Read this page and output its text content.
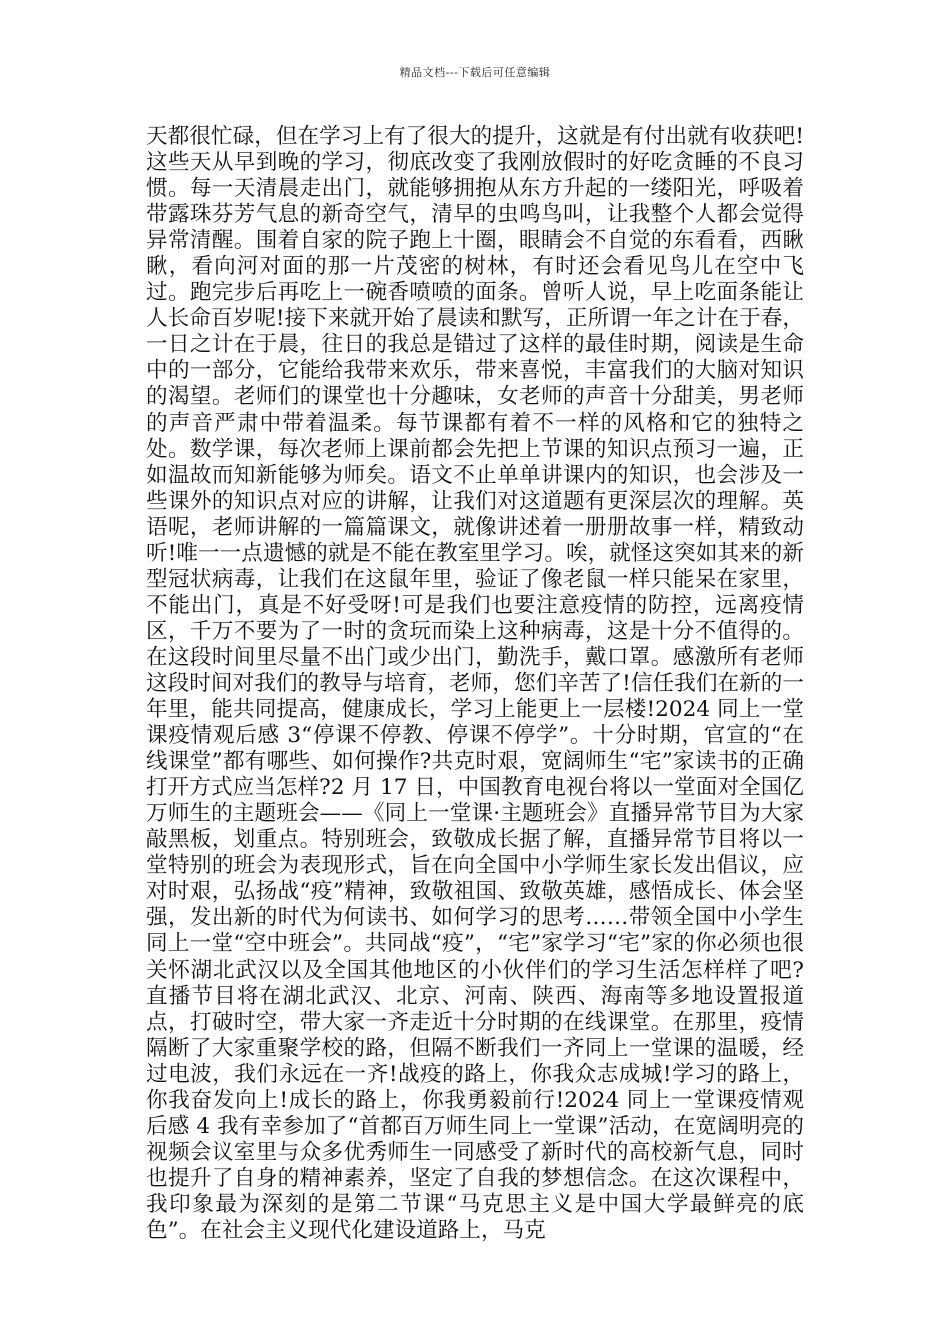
精品文档---下载后可任意编辑

天都很忙碌，但在学习上有了很大的提升，这就是有付出就有收获吧!这些天从早到晚的学习，彻底改变了我刚放假时的好吃贪睡的不良习惯。每一天清晨走出门，就能够拥抱从东方升起的一缕阳光，呼吸着带露珠芬芳气息的新奇空气，清早的虫鸣鸟叫，让我整个人都会觉得异常清醒。围着自家的院子跑上十圈，眼睛会不自觉的东看看，西瞅瞅，看向河对面的那一片茂密的树林，有时还会看见鸟儿在空中飞过。跑完步后再吃上一碗香喷喷的面条。曾听人说，早上吃面条能让人长命百岁呢!接下来就开始了晨读和默写，正所谓一年之计在于春，一日之计在于晨，往日的我总是错过了这样的最佳时期，阅读是生命中的一部分，它能给我带来欢乐，带来喜悦，丰富我们的大脑对知识的渴望。老师们的课堂也十分趣味，女老师的声音十分甜美，男老师的声音严肃中带着温柔。每节课都有着不一样的风格和它的独特之处。数学课，每次老师上课前都会先把上节课的知识点预习一遍，正如温故而知新能够为师矣。语文不止单单讲课内的知识，也会涉及一些课外的知识点对应的讲解，让我们对这道题有更深层次的理解。英语呢，老师讲解的一篇篇课文，就像讲述着一册册故事一样，精致动听!唯一一点遗憾的就是不能在教室里学习。唉，就怪这突如其来的新型冠状病毒，让我们在这鼠年里，验证了像老鼠一样只能呆在家里，不能出门，真是不好受呀!可是我们也要注意疫情的防控，远离疫情区，千万不要为了一时的贪玩而染上这种病毒，这是十分不值得的。在这段时间里尽量不出门或少出门，勤洗手，戴口罩。感激所有老师这段时间对我们的教导与培育，老师，您们辛苦了!信任我们在新的一年里，能共同提高，健康成长，学习上能更上一层楼!2024 同上一堂课疫情观后感 3“停课不停教、停课不停学”。十分时期，官宣的“在线课堂”都有哪些、如何操作?共克时艰，宽阔师生“宅”家读书的正确打开方式应当怎样?2 月 17 日，中国教育电视台将以一堂面对全国亿万师生的主题班会——《同上一堂课·主题班会》直播异常节目为大家敲黑板，划重点。特别班会，致敬成长据了解，直播异常节目将以一堂特别的班会为表现形式，旨在向全国中小学师生家长发出倡议，应对时艰，弘扬战“疫”精神，致敬祖国、致敬英雄，感悟成长、体会坚强，发出新的时代为何读书、如何学习的思考……带领全国中小学生同上一堂“空中班会”。共同战“疫”，“宅”家学习“宅”家的你必须也很关怀湖北武汉以及全国其他地区的小伙伴们的学习生活怎样样了吧?直播节目将在湖北武汉、北京、河南、陕西、海南等多地设置报道点，打破时空，带大家一齐走近十分时期的在线课堂。在那里，疫情隔断了大家重聚学校的路，但隔不断我们一齐同上一堂课的温暖，经过电波，我们永远在一齐!战疫的路上，你我众志成城!学习的路上，你我奋发向上!成长的路上，你我勇毅前行!2024 同上一堂课疫情观后感 4 我有幸参加了“首都百万师生同上一堂课”活动，在宽阔明亮的视频会议室里与众多优秀师生一同感受了新时代的高校新气息，同时也提升了自身的精神素养，坚定了自我的梦想信念。在这次课程中，我印象最为深刻的是第二节课“马克思主义是中国大学最鲜亮的底色”。在社会主义现代化建设道路上，马克
